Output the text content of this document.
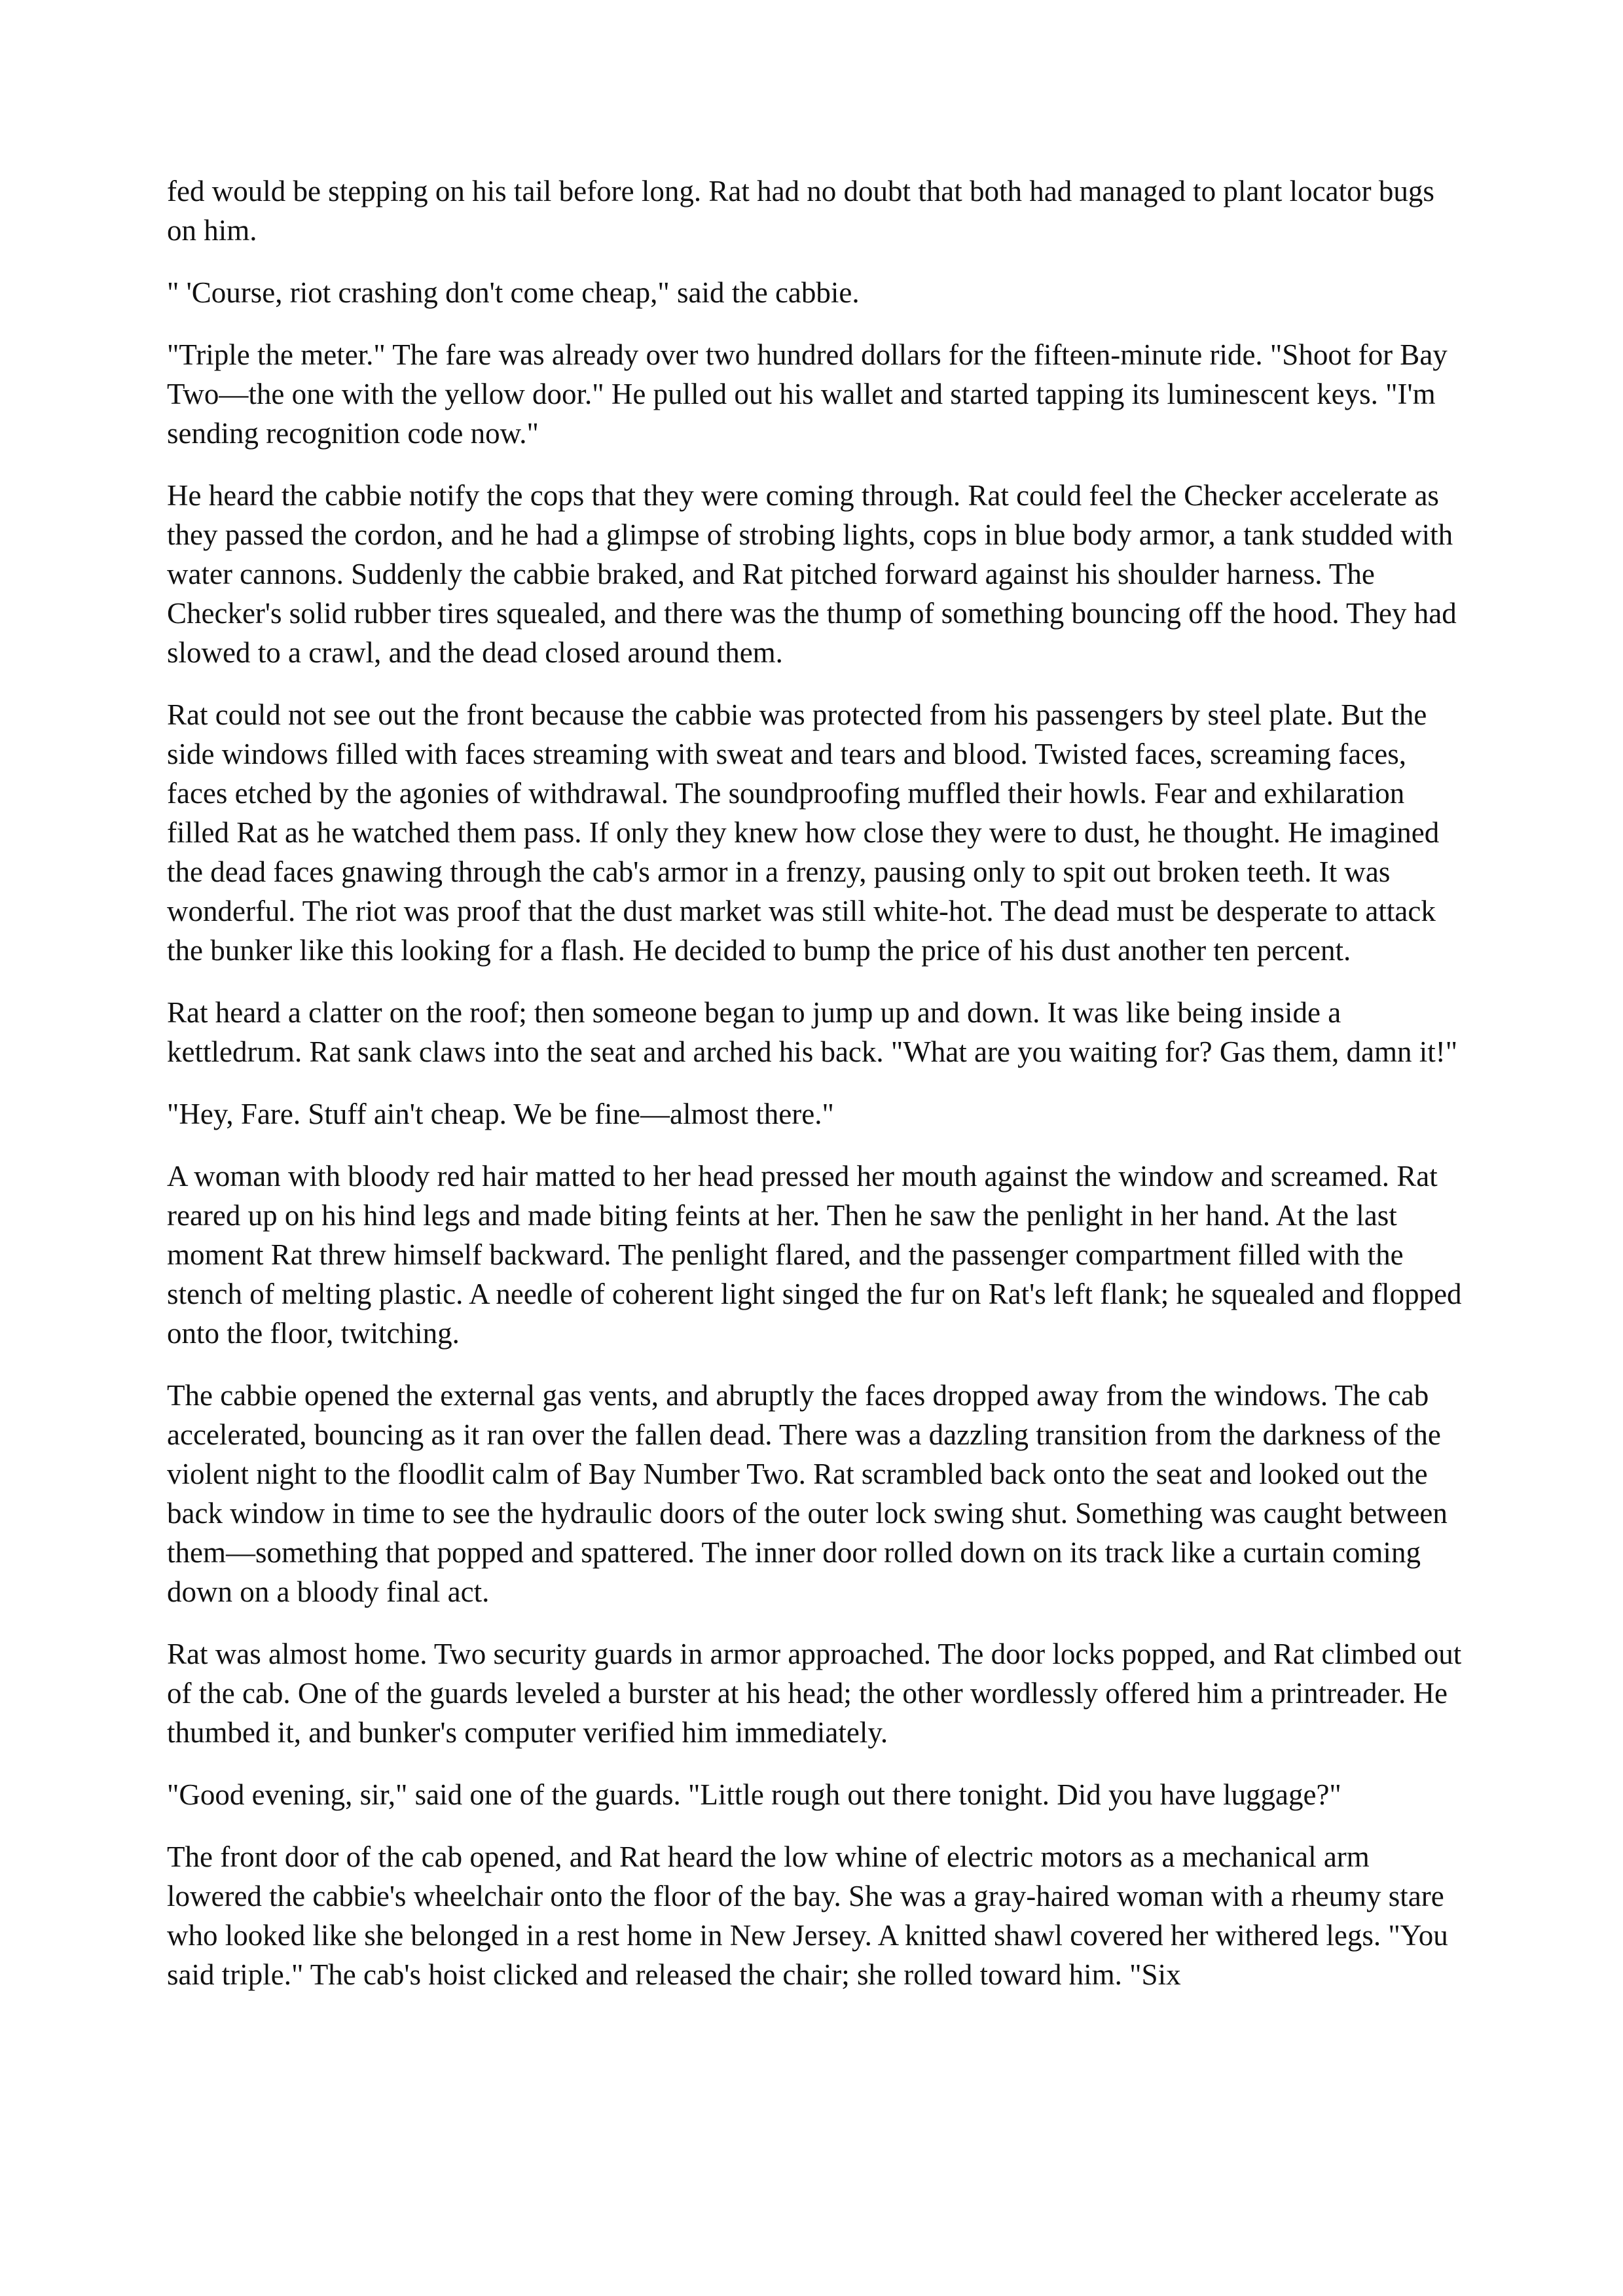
fed would be stepping on his tail before long. Rat had no doubt that both had managed to plant locator bugs on him.

" 'Course, riot crashing don't come cheap," said the cabbie.

"Triple the meter." The fare was already over two hundred dollars for the fifteen-minute ride. "Shoot for Bay Two—the one with the yellow door." He pulled out his wallet and started tapping its luminescent keys. "I'm sending recognition code now."

He heard the cabbie notify the cops that they were coming through. Rat could feel the Checker accelerate as they passed the cordon, and he had a glimpse of strobing lights, cops in blue body armor, a tank studded with water cannons. Suddenly the cabbie braked, and Rat pitched forward against his shoulder harness. The Checker's solid rubber tires squealed, and there was the thump of something bouncing off the hood. They had slowed to a crawl, and the dead closed around them.

Rat could not see out the front because the cabbie was protected from his passengers by steel plate. But the side windows filled with faces streaming with sweat and tears and blood. Twisted faces, screaming faces, faces etched by the agonies of withdrawal. The soundproofing muffled their howls. Fear and exhilaration filled Rat as he watched them pass. If only they knew how close they were to dust, he thought. He imagined the dead faces gnawing through the cab's armor in a frenzy, pausing only to spit out broken teeth. It was wonderful. The riot was proof that the dust market was still white-hot. The dead must be desperate to attack the bunker like this looking for a flash. He decided to bump the price of his dust another ten percent.

Rat heard a clatter on the roof; then someone began to jump up and down. It was like being inside a kettledrum. Rat sank claws into the seat and arched his back. "What are you waiting for? Gas them, damn it!"

"Hey, Fare. Stuff ain't cheap. We be fine—almost there."

A woman with bloody red hair matted to her head pressed her mouth against the window and screamed. Rat reared up on his hind legs and made biting feints at her. Then he saw the penlight in her hand. At the last moment Rat threw himself backward. The penlight flared, and the passenger compartment filled with the stench of melting plastic. A needle of coherent light singed the fur on Rat's left flank; he squealed and flopped onto the floor, twitching.

The cabbie opened the external gas vents, and abruptly the faces dropped away from the windows. The cab accelerated, bouncing as it ran over the fallen dead. There was a dazzling transition from the darkness of the violent night to the floodlit calm of Bay Number Two. Rat scrambled back onto the seat and looked out the back window in time to see the hydraulic doors of the outer lock swing shut. Something was caught between them—something that popped and spattered. The inner door rolled down on its track like a curtain coming down on a bloody final act.

Rat was almost home. Two security guards in armor approached. The door locks popped, and Rat climbed out of the cab. One of the guards leveled a burster at his head; the other wordlessly offered him a printreader. He thumbed it, and bunker's computer verified him immediately.

"Good evening, sir," said one of the guards. "Little rough out there tonight. Did you have luggage?"

The front door of the cab opened, and Rat heard the low whine of electric motors as a mechanical arm lowered the cabbie's wheelchair onto the floor of the bay. She was a gray-haired woman with a rheumy stare who looked like she belonged in a rest home in New Jersey. A knitted shawl covered her withered legs. "You said triple." The cab's hoist clicked and released the chair; she rolled toward him. "Six
